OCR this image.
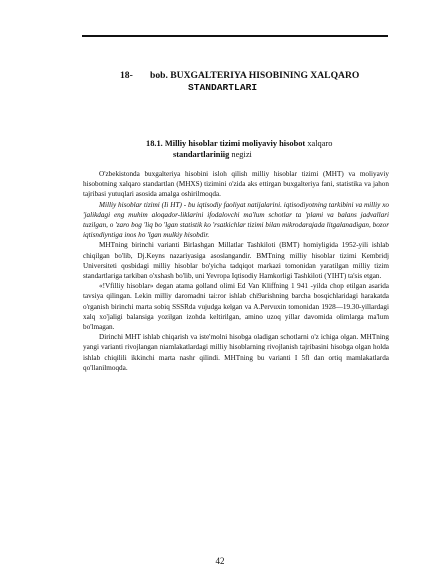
18- bob. BUXGALTERIYA HISOBINING XALQARO
STANDARTLARI
18.1. Milliy hisoblar tizimi moliyaviy hisobot xalqaro
standartlariniig negizi

O'zbekistonda buxgalteriya hisobini isloh qilish milliy hisoblar tizimi (MHT) va moliyaviy hisobotning xalqaro standartlan (MHXS) tizimini o'zida aks ettirgan buxgalteriya fani, statistika va jahon tajribasi yutuqlari asosida amalga oshirilmoqda.

Milliy hisoblar tizimi (Ii HT) - bu iqtisodiy faoliyat natijalarini. iqtisodiyotning tarkibini va milliy xo 'jalikdagi eng muhim aloqador-liklarini ifodalovchi ma'lum schotlar ta 'plami va balans jadvallari tuzilgan, o 'zaro bog 'liq bo 'lgan statistik ko 'rsatkichlar tizimi bilan mikrodarajada litgalanadigan, bozor iqtisndiyntiga inos ho 'lgan mulkiy hisobdir.

MHTning birinchi varianti Birlashgan Millatlar Tashkiloti (BMT) homiyligida 1952-yili ishlab chiqilgan bo'lib, Dj.Keyns nazariyasiga asoslangandir. BMTning milliy hisoblar tizimi Kembridj Universiteti qosbidagi milliy hisoblar bo'yicha tadqiqot markazi tomonidan yaratilgan milliy tizim standartlariga tarkiban o'xshash bo'lib, uni Yevropa Iqtisodiy Hamkorligi Tashkiloti (YIHT) ta'sis etgan.

«!Vfilliy hisoblar» degan atama golland olimi Ed Van Kliffning 1 941 -yilda chop etilgan asarida tavsiya qilingan. Lekin milliy daromadni tai:ror ishlab chi9arishning barcha bosqichlaridagi harakatda o'rganish birinchi marta sobiq SSSRda vujudga kelgan va A.Pervuxin tomonidan 1928—19.30-yillardagi xalq xo'jaligi balansiga yozilgan izohda keltirilgan, amino uzoq yillar davomida olimlarga ma'lum bo'lmagan.

Dirinchi MHT ishlab chiqarish va iste'molni hisobga oladigan schotlarni o'z ichiga olgan. MHTning yangi varianti rivojlangan niamlakatlardagi milliy hisoblarning rivojlanish tajribasini hisobga olgan holda ishlab chiqilili ikkinchi marta nashr qilindi. MHTning bu varianti I 5fl dan ortiq mamlakatlarda qo'llanilmoqda.

42
